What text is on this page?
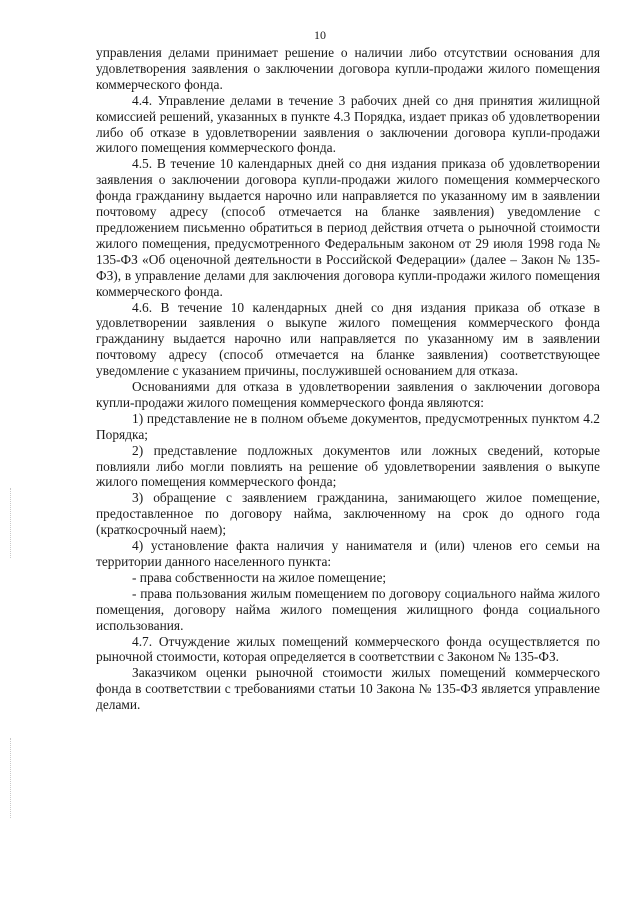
10

управления делами принимает решение о наличии либо отсутствии основания для удовлетворения заявления о заключении договора купли-продажи жилого помещения коммерческого фонда.

4.4. Управление делами в течение 3 рабочих дней со дня принятия жилищной комиссией решений, указанных в пункте 4.3 Порядка, издает приказ об удовлетворении либо об отказе в удовлетворении заявления о заключении договора купли-продажи жилого помещения коммерческого фонда.

4.5. В течение 10 календарных дней со дня издания приказа об удовлетворении заявления о заключении договора купли-продажи жилого помещения коммерческого фонда гражданину выдается нарочно или направляется по указанному им в заявлении почтовому адресу (способ отмечается на бланке заявления) уведомление с предложением письменно обратиться в период действия отчета о рыночной стоимости жилого помещения, предусмотренного Федеральным законом от 29 июля 1998 года № 135-ФЗ «Об оценочной деятельности в Российской Федерации» (далее – Закон № 135-ФЗ), в управление делами для заключения договора купли-продажи жилого помещения коммерческого фонда.

4.6. В течение 10 календарных дней со дня издания приказа об отказе в удовлетворении заявления о выкупе жилого помещения коммерческого фонда гражданину выдается нарочно или направляется по указанному им в заявлении почтовому адресу (способ отмечается на бланке заявления) соответствующее уведомление с указанием причины, послужившей основанием для отказа.

Основаниями для отказа в удовлетворении заявления о заключении договора купли-продажи жилого помещения коммерческого фонда являются:

1) представление не в полном объеме документов, предусмотренных пунктом 4.2 Порядка;

2) представление подложных документов или ложных сведений, которые повлияли либо могли повлиять на решение об удовлетворении заявления о выкупе жилого помещения коммерческого фонда;

3) обращение с заявлением гражданина, занимающего жилое помещение, предоставленное по договору найма, заключенному на срок до одного года (краткосрочный наем);

4) установление факта наличия у нанимателя и (или) членов его семьи на территории данного населенного пункта:

- права собственности на жилое помещение;

- права пользования жилым помещением по договору социального найма жилого помещения, договору найма жилого помещения жилищного фонда социального использования.

4.7. Отчуждение жилых помещений коммерческого фонда осуществляется по рыночной стоимости, которая определяется в соответствии с Законом № 135-ФЗ.

Заказчиком оценки рыночной стоимости жилых помещений коммерческого фонда в соответствии с требованиями статьи 10 Закона № 135-ФЗ является управление делами.
